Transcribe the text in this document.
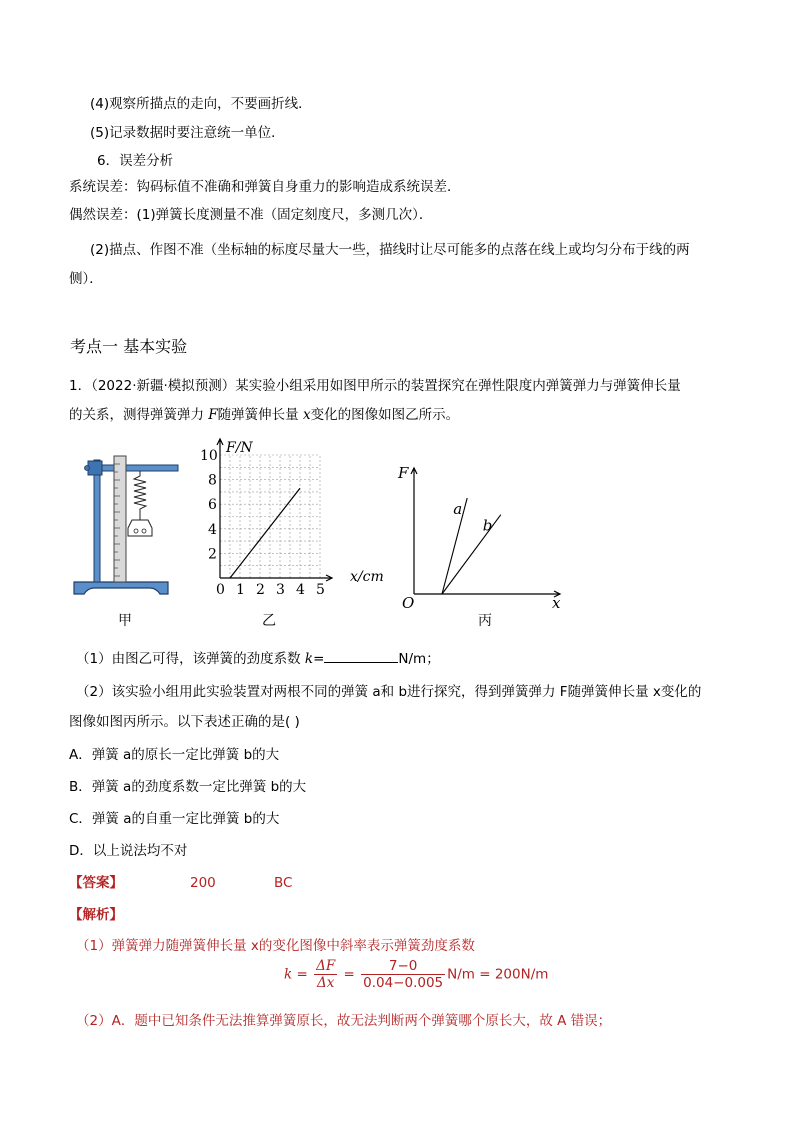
(4)观察所描点的走向，不要画折线．
(5)记录数据时要注意统一单位．
6．误差分析
系统误差：钩码标值不准确和弹簧自身重力的影响造成系统误差．
偶然误差：(1)弹簧长度测量不准（固定刻度尺，多测几次）．
(2)描点、作图不准（坐标轴的标度尽量大一些，描线时让尽可能多的点落在线上或均匀分布于线的两
侧）．
考点一 基本实验
1．（2022·新疆·模拟预测）某实验小组采用如图甲所示的装置探究在弹性限度内弹簧弹力与弹簧伸长量
的关系，测得弹簧弹力 F随弹簧伸长量 x变化的图像如图乙所示。
甲
0 1 2 3 4 5
2
4
6
8
10 F/N
x/cm
乙
a
b
F
x
O
丙
（1）由图乙可得，该弹簧的劲度系数 k=	N/m；
（2）该实验小组用此实验装置对两根不同的弹簧 a和 b进行探究，得到弹簧弹力 F随弹簧伸长量 x变化的
图像如图丙所示。以下表述正确的是( )
A．弹簧 a的原长一定比弹簧 b的大
B．弹簧 a的劲度系数一定比弹簧 b的大
C．弹簧 a的自重一定比弹簧 b的大
D．以上说法均不对
【答案】	200	BC
【解析】
（1）弹簧弹力随弹簧伸长量 x的变化图像中斜率表示弹簧劲度系数
$k = \frac{\Delta F}{\Delta x} = \frac{7-0}{0.04-0.005} N/m = 200N/m$
（2）A．题中已知条件无法推算弹簧原长，故无法判断两个弹簧哪个原长大，故 A 错误；
